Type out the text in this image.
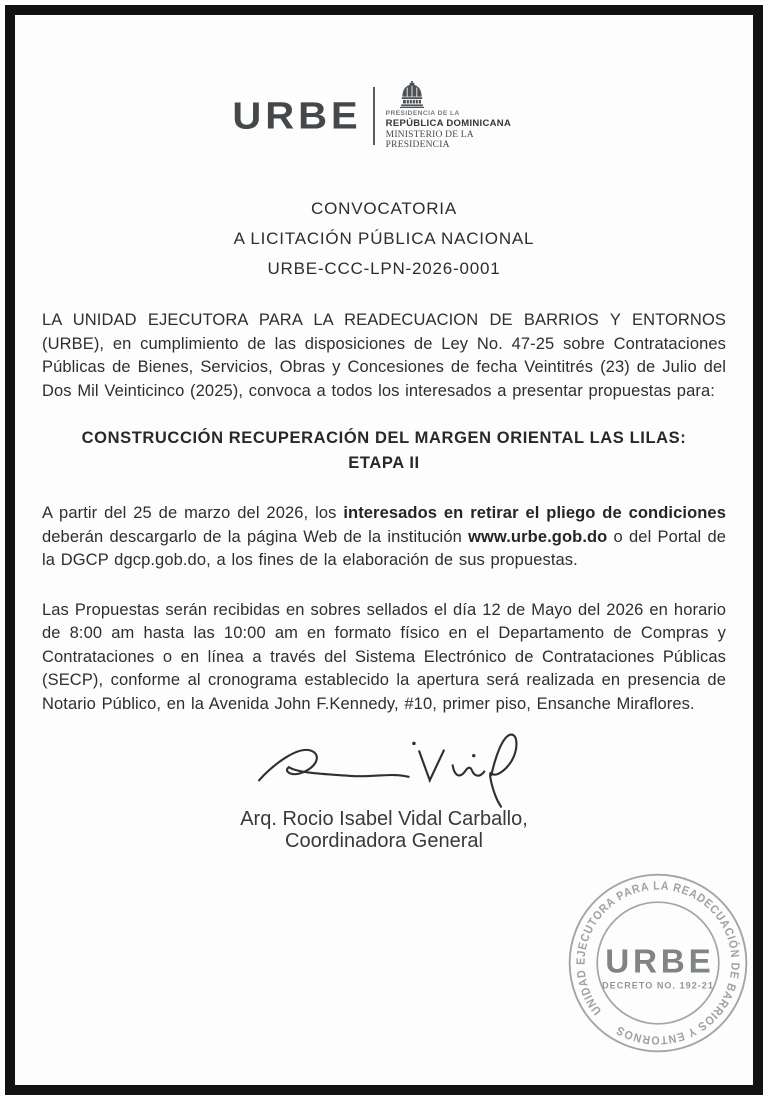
URBE	PRESIDENCIA DE LA
REPÚBLICA DOMINICANA
MINISTERIO DE LA PRESIDENCIA
CONVOCATORIA
A LICITACIÓN PÚBLICA NACIONAL
URBE-CCC-LPN-2026-0001

LA UNIDAD EJECUTORA PARA LA READECUACION DE BARRIOS Y ENTORNOS (URBE), en cumplimiento de las disposiciones de Ley No. 47-25 sobre Contrataciones Públicas de Bienes, Servicios, Obras y Concesiones de fecha Veintitrés (23) de Julio del Dos Mil Veinticinco (2025), convoca a todos los interesados a presentar propuestas para:

CONSTRUCCIÓN RECUPERACIÓN DEL MARGEN ORIENTAL LAS LILAS:
ETAPA II

A partir del 25 de marzo del 2026, los interesados en retirar el pliego de condiciones deberán descargarlo de la página Web de la institución www.urbe.gob.do o del Portal de la DGCP dgcp.gob.do, a los fines de la elaboración de sus propuestas.

Las Propuestas serán recibidas en sobres sellados el día 12 de Mayo del 2026 en horario de 8:00 am hasta las 10:00 am en formato físico en el Departamento de Compras y Contrataciones o en línea a través del Sistema Electrónico de Contrataciones Públicas (SECP), conforme al cronograma establecido la apertura será realizada en presencia de Notario Público, en la Avenida John F.Kennedy, #10, primer piso, Ensanche Miraflores.

Arq. Rocio Isabel Vidal Carballo,
Coordinadora General
UNIDAD EJECUTORA PARA LA READECUACIÓN DE BARRIOS Y ENTORNOS
URBE
DECRETO NO. 192-21
